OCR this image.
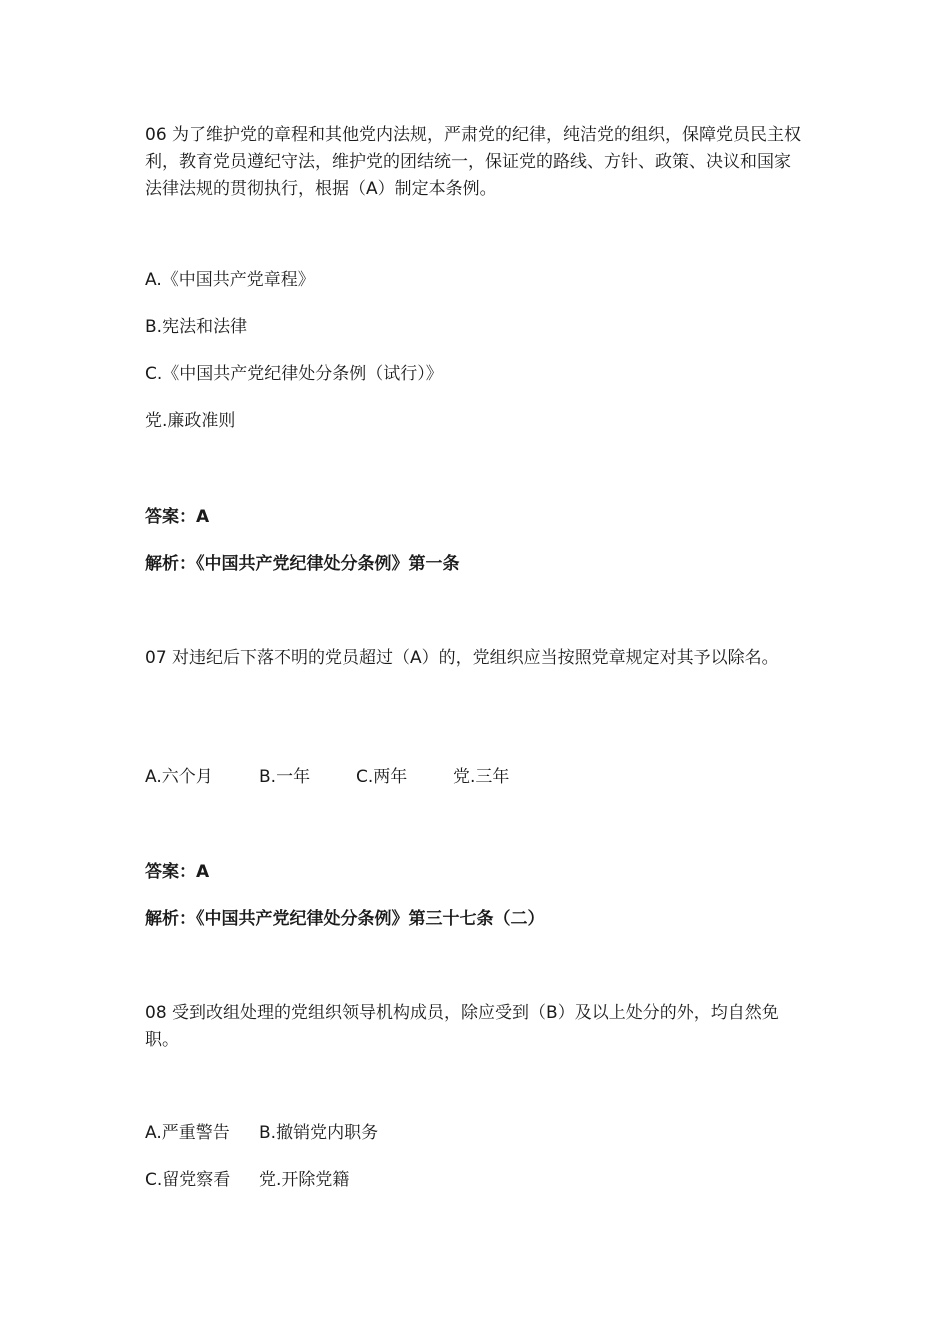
06 为了维护党的章程和其他党内法规，严肃党的纪律，纯洁党的组织，保障党员民主权利，教育党员遵纪守法，维护党的团结统一，保证党的路线、方针、政策、决议和国家法律法规的贯彻执行，根据（A）制定本条例。
A.《中国共产党章程》
B.宪法和法律
C.《中国共产党纪律处分条例（试行）》
党.廉政准则
答案：A
解析：《中国共产党纪律处分条例》第一条
07 对违纪后下落不明的党员超过（A）的，党组织应当按照党章规定对其予以除名。
A.六个月	B.一年	C.两年	党.三年
答案：A
解析：《中国共产党纪律处分条例》第三十七条（二）
08 受到改组处理的党组织领导机构成员，除应受到（B）及以上处分的外，均自然免职。
A.严重警告 B.撤销党内职务
C.留党察看 党.开除党籍
